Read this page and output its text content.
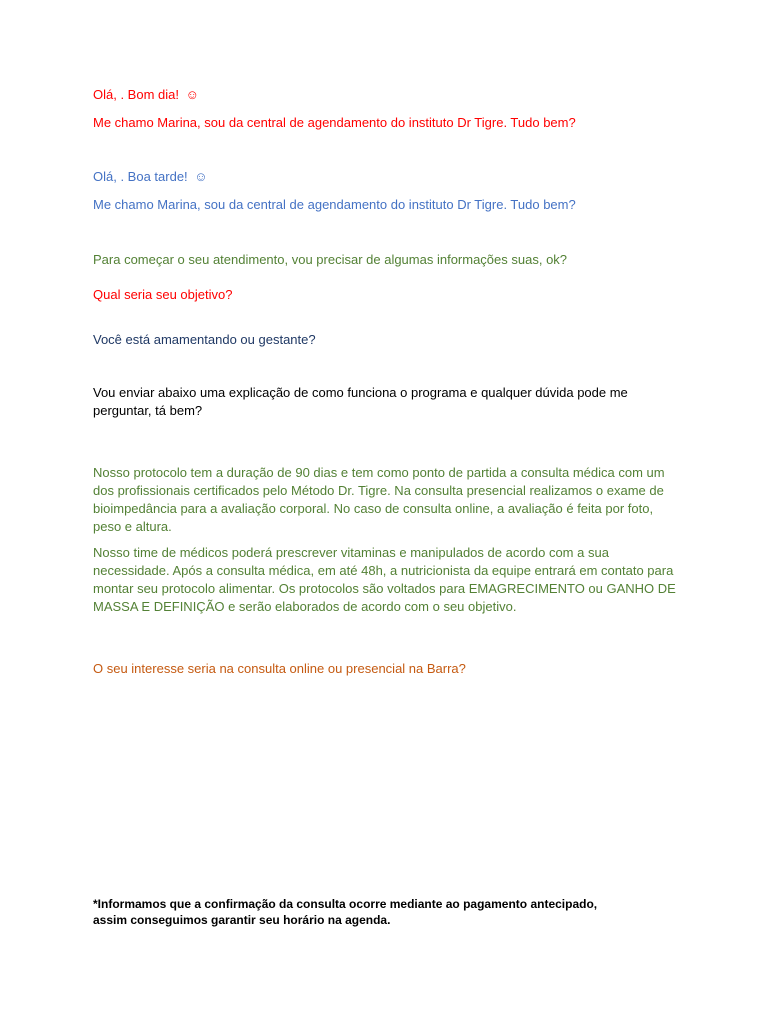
Olá, . Bom dia! ☺

Me chamo Marina, sou da central de agendamento do instituto Dr Tigre. Tudo bem?

Olá, . Boa tarde! ☺

Me chamo Marina, sou da central de agendamento do instituto Dr Tigre. Tudo bem?

Para começar o seu atendimento, vou precisar de algumas informações suas, ok?

Qual seria seu objetivo?

Você está amamentando ou gestante?

Vou enviar abaixo uma explicação de como funciona o programa e qualquer dúvida pode me perguntar, tá bem?

Nosso protocolo tem a duração de 90 dias e tem como ponto de partida a consulta médica com um dos profissionais certificados pelo Método Dr. Tigre. Na consulta presencial realizamos o exame de bioimpedância para a avaliação corporal. No caso de consulta online, a avaliação é feita por foto, peso e altura.

Nosso time de médicos poderá prescrever vitaminas e manipulados de acordo com a sua necessidade. Após a consulta médica, em até 48h, a nutricionista da equipe entrará em contato para montar seu protocolo alimentar. Os protocolos são voltados para EMAGRECIMENTO ou GANHO DE MASSA E DEFINIÇÃO e serão elaborados de acordo com o seu objetivo.

O seu interesse seria na consulta online ou presencial na Barra?

*Informamos que a confirmação da consulta ocorre mediante ao pagamento antecipado, assim conseguimos garantir seu horário na agenda.
